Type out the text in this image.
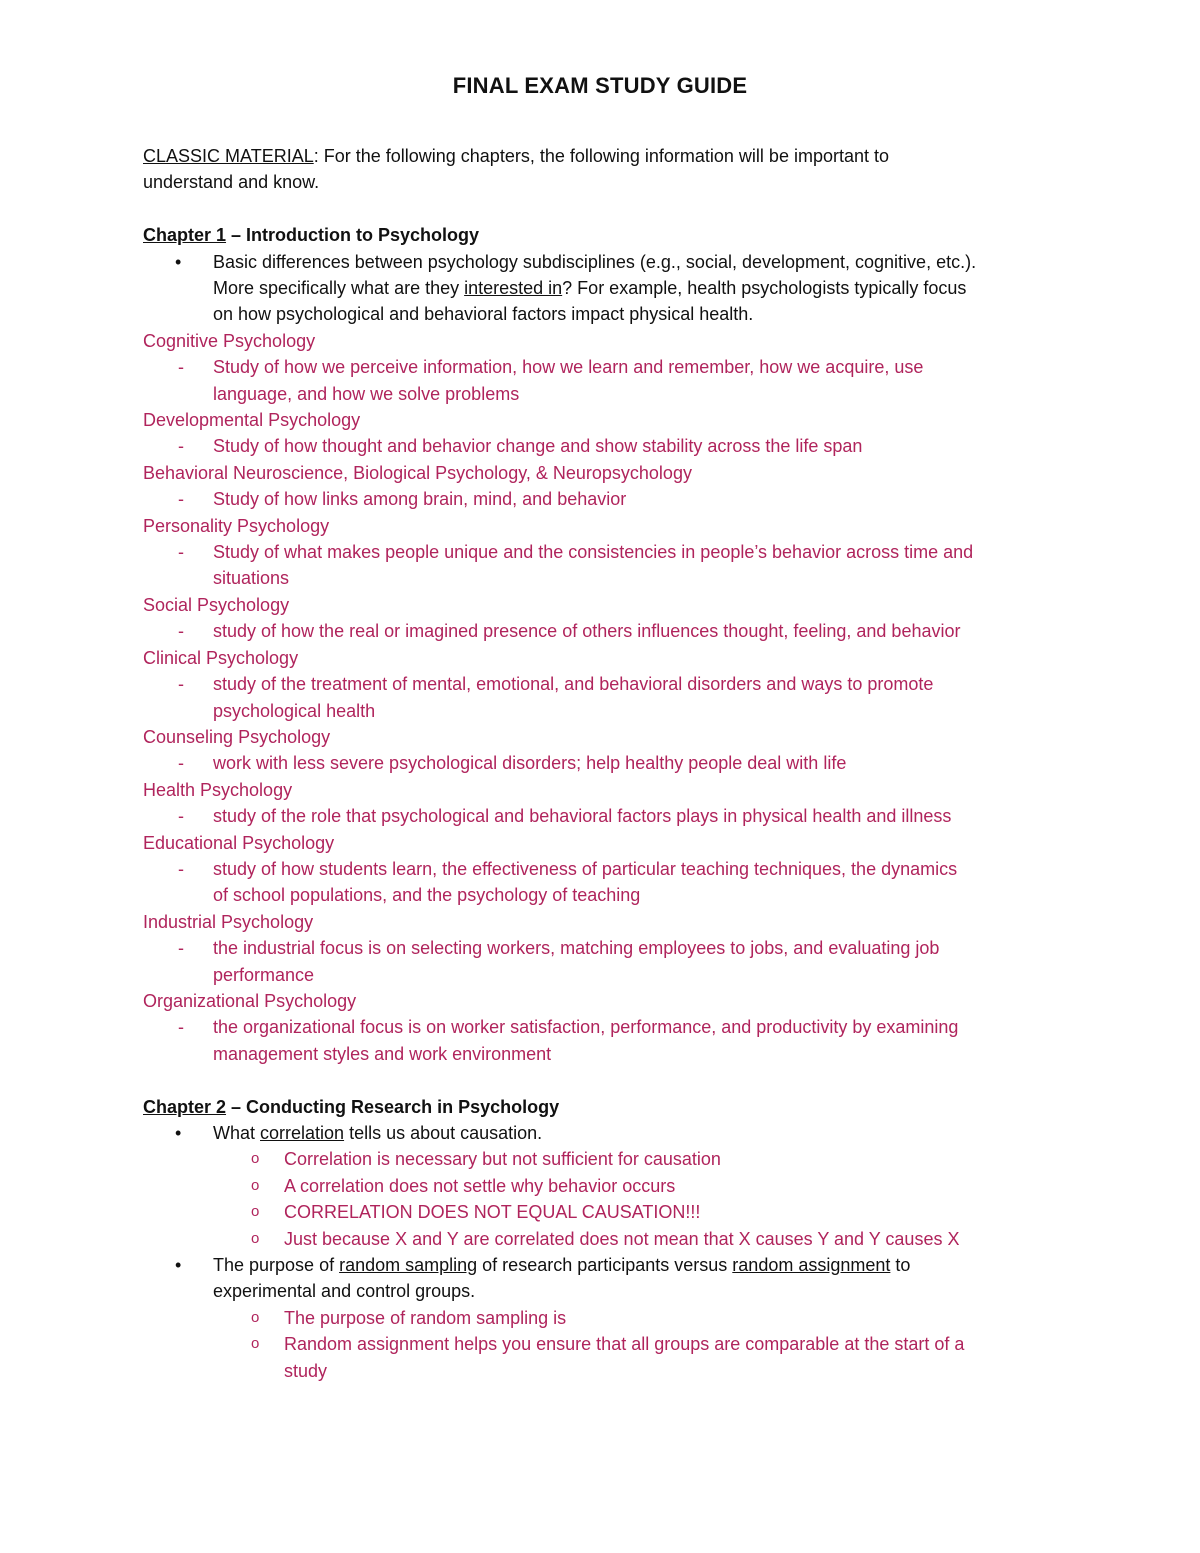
FINAL EXAM STUDY GUIDE
CLASSIC MATERIAL: For the following chapters, the following information will be important to
understand and know.
Chapter 1 – Introduction to Psychology
• Basic differences between psychology subdisciplines (e.g., social, development, cognitive, etc.).
More specifically what are they interested in? For example, health psychologists typically focus
on how psychological and behavioral factors impact physical health.
Cognitive Psychology
- Study of how we perceive information, how we learn and remember, how we acquire, use
language, and how we solve problems
Developmental Psychology
- Study of how thought and behavior change and show stability across the life span
Behavioral Neuroscience, Biological Psychology, & Neuropsychology
- Study of how links among brain, mind, and behavior
Personality Psychology
- Study of what makes people unique and the consistencies in people’s behavior across time and
situations
Social Psychology
- study of how the real or imagined presence of others influences thought, feeling, and behavior
Clinical Psychology
- study of the treatment of mental, emotional, and behavioral disorders and ways to promote
psychological health
Counseling Psychology
- work with less severe psychological disorders; help healthy people deal with life
Health Psychology
- study of the role that psychological and behavioral factors plays in physical health and illness
Educational Psychology
- study of how students learn, the effectiveness of particular teaching techniques, the dynamics
of school populations, and the psychology of teaching
Industrial Psychology
- the industrial focus is on selecting workers, matching employees to jobs, and evaluating job
performance
Organizational Psychology
- the organizational focus is on worker satisfaction, performance, and productivity by examining
management styles and work environment
Chapter 2 – Conducting Research in Psychology
• What correlation tells us about causation.
o Correlation is necessary but not sufficient for causation
o A correlation does not settle why behavior occurs
o CORRELATION DOES NOT EQUAL CAUSATION!!!
o Just because X and Y are correlated does not mean that X causes Y and Y causes X
• The purpose of random sampling of research participants versus random assignment to
experimental and control groups.
o The purpose of random sampling is
o Random assignment helps you ensure that all groups are comparable at the start of a
study
